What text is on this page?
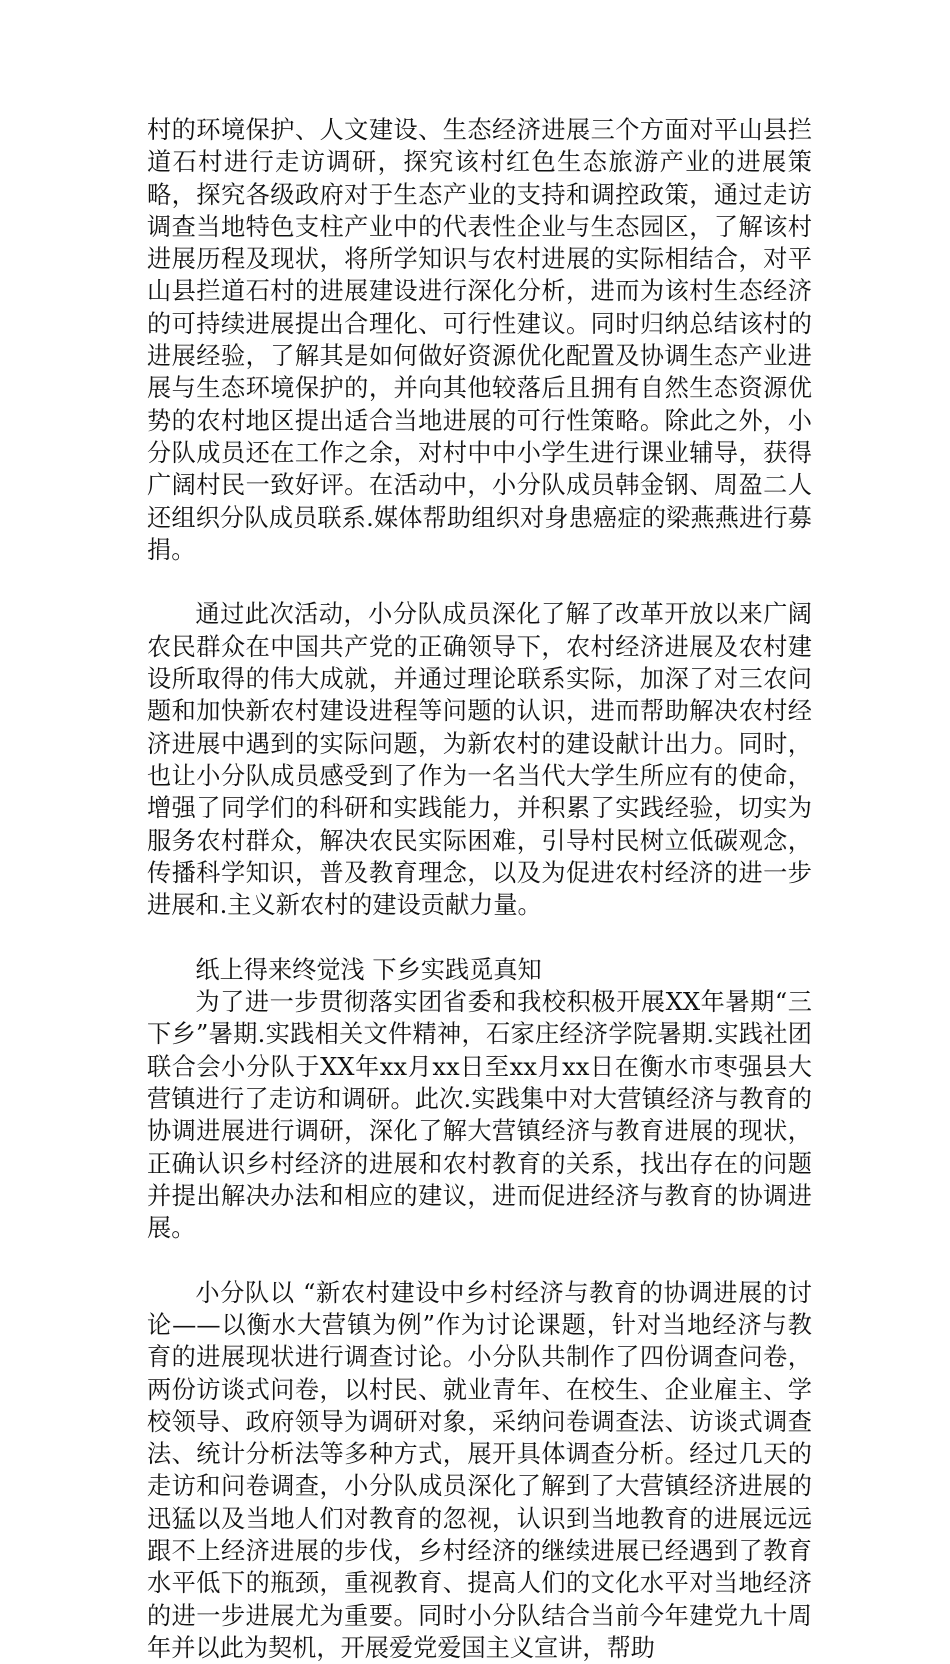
村的环境保护、人文建设、生态经济进展三个方面对平山县拦道石村进行走访调研，探究该村红色生态旅游产业的进展策略，探究各级政府对于生态产业的支持和调控政策，通过走访调查当地特色支柱产业中的代表性企业与生态园区，了解该村进展历程及现状，将所学知识与农村进展的实际相结合，对平山县拦道石村的进展建设进行深化分析，进而为该村生态经济的可持续进展提出合理化、可行性建议。同时归纳总结该村的进展经验，了解其是如何做好资源优化配置及协调生态产业进展与生态环境保护的，并向其他较落后且拥有自然生态资源优势的农村地区提出适合当地进展的可行性策略。除此之外，小分队成员还在工作之余，对村中中小学生进行课业辅导，获得广阔村民一致好评。在活动中，小分队成员韩金钢、周盈二人还组织分队成员联系.媒体帮助组织对身患癌症的梁燕燕进行募捐。

通过此次活动，小分队成员深化了解了改革开放以来广阔农民群众在中国共产党的正确领导下，农村经济进展及农村建设所取得的伟大成就，并通过理论联系实际，加深了对三农问题和加快新农村建设进程等问题的认识，进而帮助解决农村经济进展中遇到的实际问题，为新农村的建设献计出力。同时，也让小分队成员感受到了作为一名当代大学生所应有的使命，增强了同学们的科研和实践能力，并积累了实践经验，切实为服务农村群众，解决农民实际困难，引导村民树立低碳观念，传播科学知识，普及教育理念，以及为促进农村经济的进一步进展和.主义新农村的建设贡献力量。

纸上得来终觉浅 下乡实践觅真知

为了进一步贯彻落实团省委和我校积极开展XX年暑期“三下乡”暑期.实践相关文件精神，石家庄经济学院暑期.实践社团联合会小分队于XX年xx月xx日至xx月xx日在衡水市枣强县大营镇进行了走访和调研。此次.实践集中对大营镇经济与教育的协调进展进行调研，深化了解大营镇经济与教育进展的现状，正确认识乡村经济的进展和农村教育的关系，找出存在的问题并提出解决办法和相应的建议，进而促进经济与教育的协调进展。

小分队以 “新农村建设中乡村经济与教育的协调进展的讨论——以衡水大营镇为例”作为讨论课题，针对当地经济与教育的进展现状进行调查讨论。小分队共制作了四份调查问卷，两份访谈式问卷，以村民、就业青年、在校生、企业雇主、学校领导、政府领导为调研对象，采纳问卷调查法、访谈式调查法、统计分析法等多种方式，展开具体调查分析。经过几天的走访和问卷调查，小分队成员深化了解到了大营镇经济进展的迅猛以及当地人们对教育的忽视，认识到当地教育的进展远远跟不上经济进展的步伐，乡村经济的继续进展已经遇到了教育水平低下的瓶颈，重视教育、提高人们的文化水平对当地经济的进一步进展尤为重要。同时小分队结合当前今年建党九十周年并以此为契机，开展爱党爱国主义宣讲，帮助
